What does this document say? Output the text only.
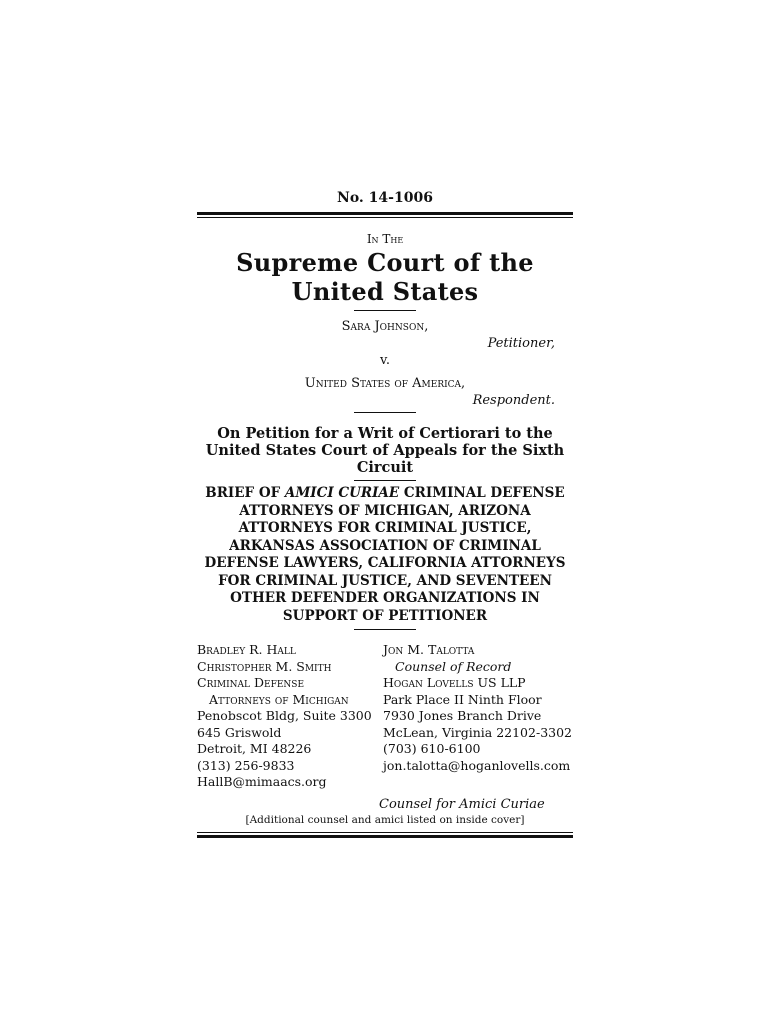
No. 14-1006
In The
Supreme Court of the United States
Sara Johnson,
Petitioner,
v.
United States of America,
Respondent.
On Petition for a Writ of Certiorari to the United States Court of Appeals for the Sixth Circuit
BRIEF OF AMICI CURIAE CRIMINAL DEFENSE ATTORNEYS OF MICHIGAN, ARIZONA ATTORNEYS FOR CRIMINAL JUSTICE, ARKANSAS ASSOCIATION OF CRIMINAL DEFENSE LAWYERS, CALIFORNIA ATTORNEYS FOR CRIMINAL JUSTICE, AND SEVENTEEN OTHER DEFENDER ORGANIZATIONS IN SUPPORT OF PETITIONER
Bradley R. Hall
Christopher M. Smith
Criminal Defense
Attorneys of Michigan
Penobscot Bldg, Suite 3300
645 Griswold
Detroit, MI 48226
(313) 256-9833
HallB@mimaacs.org
Jon M. Talotta
Counsel of Record
Hogan Lovells US LLP
Park Place II Ninth Floor
7930 Jones Branch Drive
McLean, Virginia 22102-3302
(703) 610-6100
jon.talotta@hoganlovells.com
Counsel for Amici Curiae
[Additional counsel and amici listed on inside cover]
